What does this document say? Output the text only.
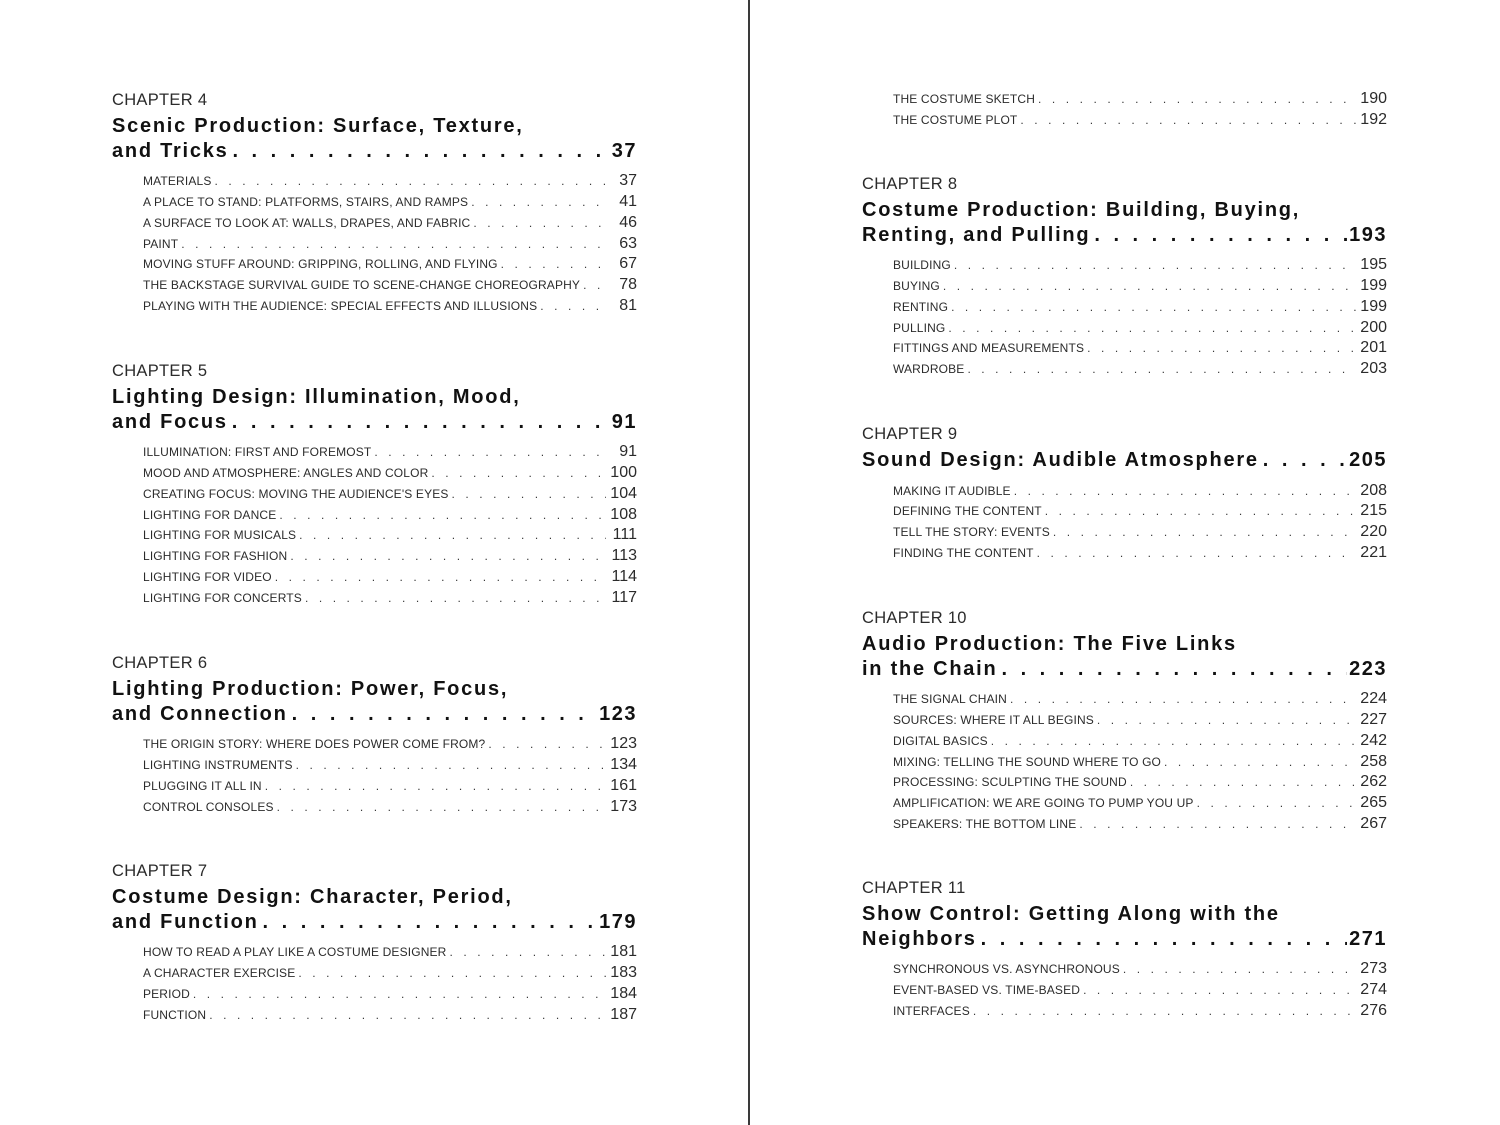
CHAPTER 4
Scenic Production: Surface, Texture,
and Tricks . . .	37
MATERIALS . . .	37
A PLACE TO STAND: PLATFORMS, STAIRS, AND RAMPS . . .	41
A SURFACE TO LOOK AT: WALLS, DRAPES, AND FABRIC . . .	46
PAINT . . .	63
MOVING STUFF AROUND: GRIPPING, ROLLING, AND FLYING . . .	67
THE BACKSTAGE SURVIVAL GUIDE TO SCENE-CHANGE CHOREOGRAPHY . . .	78
PLAYING WITH THE AUDIENCE: SPECIAL EFFECTS AND ILLUSIONS . . .	81
CHAPTER 5
Lighting Design: Illumination, Mood,
and Focus . . .	91
ILLUMINATION: FIRST AND FOREMOST . . .	91
MOOD AND ATMOSPHERE: ANGLES AND COLOR . . .	100
CREATING FOCUS: MOVING THE AUDIENCE'S EYES . . .	104
LIGHTING FOR DANCE . . .	108
LIGHTING FOR MUSICALS . . .	111
LIGHTING FOR FASHION . . .	113
LIGHTING FOR VIDEO . . .	114
LIGHTING FOR CONCERTS . . .	117
CHAPTER 6
Lighting Production: Power, Focus,
and Connection . . .	123
THE ORIGIN STORY: WHERE DOES POWER COME FROM? . . .	123
LIGHTING INSTRUMENTS . . .	134
PLUGGING IT ALL IN . . .	161
CONTROL CONSOLES . . .	173
CHAPTER 7
Costume Design: Character, Period,
and Function . . .	179
HOW TO READ A PLAY LIKE A COSTUME DESIGNER . . .	181
A CHARACTER EXERCISE . . .	183
PERIOD . . .	184
FUNCTION . . .	187
THE COSTUME SKETCH . . .	190
THE COSTUME PLOT . . .	192
CHAPTER 8
Costume Production: Building, Buying,
Renting, and Pulling . . .	193
BUILDING . . .	195
BUYING . . .	199
RENTING . . .	199
PULLING . . .	200
FITTINGS AND MEASUREMENTS . . .	201
WARDROBE . . .	203
CHAPTER 9
Sound Design: Audible Atmosphere . . .	205
MAKING IT AUDIBLE . . .	208
DEFINING THE CONTENT . . .	215
TELL THE STORY: EVENTS . . .	220
FINDING THE CONTENT . . .	221
CHAPTER 10
Audio Production: The Five Links
in the Chain . . .	223
THE SIGNAL CHAIN . . .	224
SOURCES: WHERE IT ALL BEGINS . . .	227
DIGITAL BASICS . . .	242
MIXING: TELLING THE SOUND WHERE TO GO . . .	258
PROCESSING: SCULPTING THE SOUND . . .	262
AMPLIFICATION: WE ARE GOING TO PUMP YOU UP . . .	265
SPEAKERS: THE BOTTOM LINE . . .	267
CHAPTER 11
Show Control: Getting Along with the
Neighbors . . .	271
SYNCHRONOUS VS. ASYNCHRONOUS . . .	273
EVENT-BASED VS. TIME-BASED . . .	274
INTERFACES . . .	276
